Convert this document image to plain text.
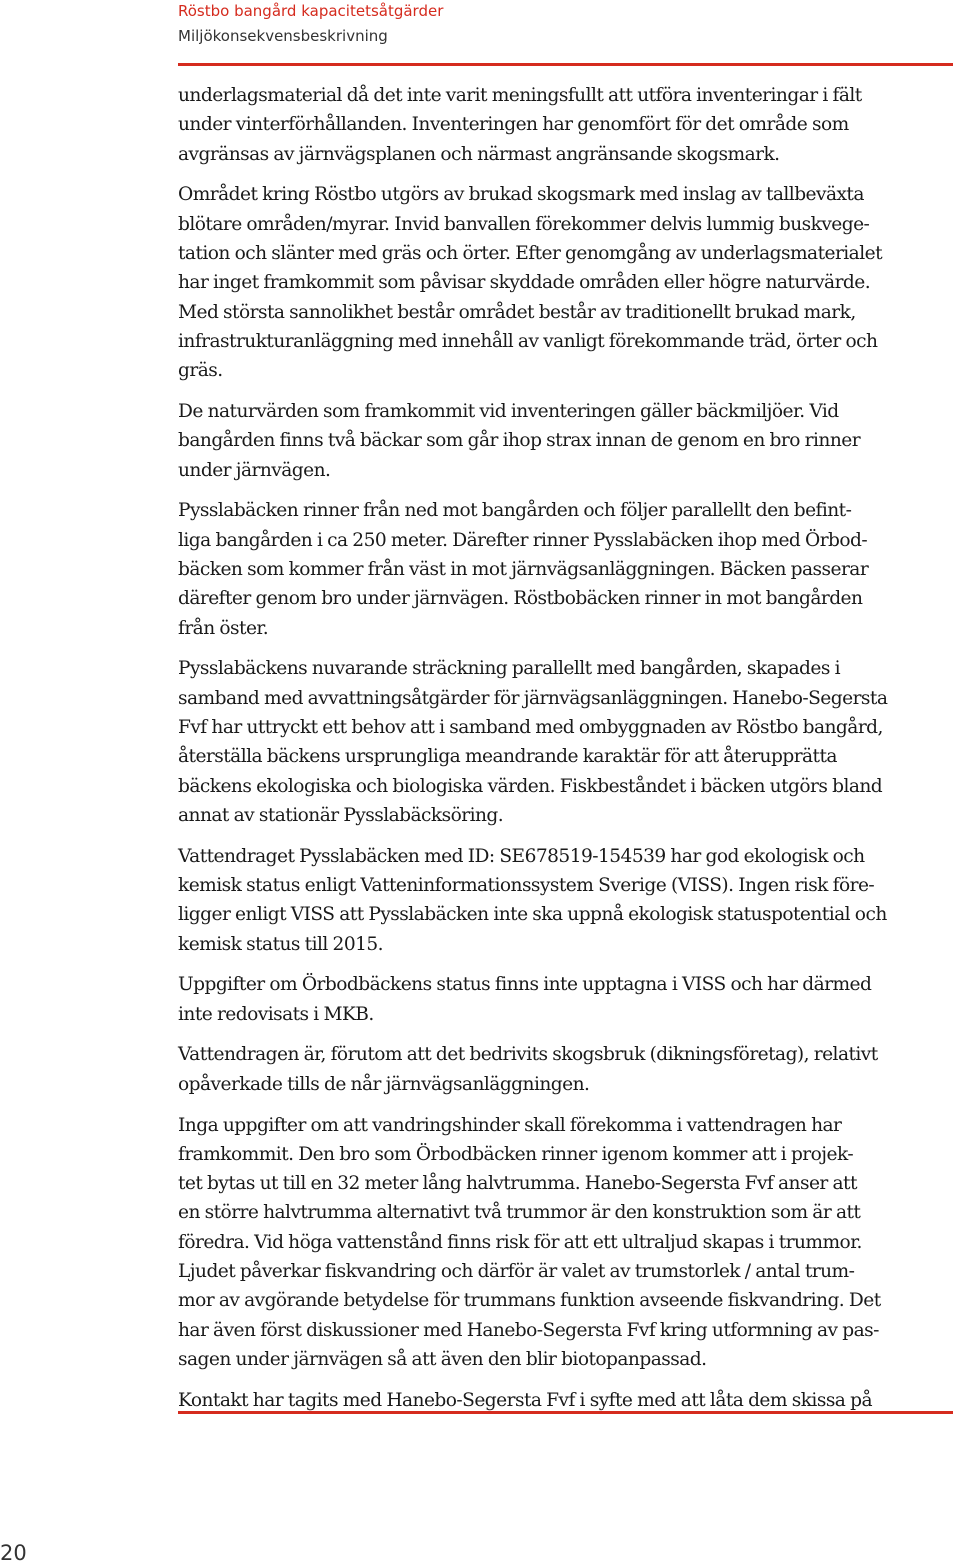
Röstbo bangård kapacitetsåtgärder
Miljökonsekvensbeskrivning

underlagsmaterial då det inte varit meningsfullt att utföra inventeringar i fält
under vinterförhållanden. Inventeringen har genomfört för det område som
avgränsas av järnvägsplanen och närmast angränsande skogsmark.

Området kring Röstbo utgörs av brukad skogsmark med inslag av tallbeväxta
blötare områden/myrar. Invid banvallen förekommer delvis lummig buskvege-
tation och slänter med gräs och örter. Efter genomgång av underlagsmaterialet
har inget framkommit som påvisar skyddade områden eller högre naturvärde.
Med största sannolikhet består området består av traditionellt brukad mark,
infrastrukturanläggning med innehåll av vanligt förekommande träd, örter och
gräs.

De naturvärden som framkommit vid inventeringen gäller bäckmiljöer. Vid
bangården finns två bäckar som går ihop strax innan de genom en bro rinner
under järnvägen.

Pysslabäcken rinner från ned mot bangården och följer parallellt den befint-
liga bangården i ca 250 meter. Därefter rinner Pysslabäcken ihop med Örbod-
bäcken som kommer från väst in mot järnvägsanläggningen. Bäcken passerar
därefter genom bro under järnvägen. Röstbobäcken rinner in mot bangården
från öster.

Pysslabäckens nuvarande sträckning parallellt med bangården, skapades i
samband med avvattningsåtgärder för järnvägsanläggningen. Hanebo-Segersta
Fvf har uttryckt ett behov att i samband med ombyggnaden av Röstbo bangård,
återställa bäckens ursprungliga meandrande karaktär för att återupprätta
bäckens ekologiska och biologiska värden. Fiskbeståndet i bäcken utgörs bland
annat av stationär Pysslabäcksöring.

Vattendraget Pysslabäcken med ID: SE678519-154539 har god ekologisk och
kemisk status enligt Vatteninformationssystem Sverige (VISS). Ingen risk före-
ligger enligt VISS att Pysslabäcken inte ska uppnå ekologisk statuspotential och
kemisk status till 2015.

Uppgifter om Örbodbäckens status finns inte upptagna i VISS och har därmed
inte redovisats i MKB.

Vattendragen är, förutom att det bedrivits skogsbruk (dikningsföretag), relativt
opåverkade tills de når järnvägsanläggningen.

Inga uppgifter om att vandringshinder skall förekomma i vattendragen har
framkommit. Den bro som Örbodbäcken rinner igenom kommer att i projek-
tet bytas ut till en 32 meter lång halvtrumma. Hanebo-Segersta Fvf anser att
en större halvtrumma alternativt två trummor är den konstruktion som är att
föredra. Vid höga vattenstånd finns risk för att ett ultraljud skapas i trummor.
Ljudet påverkar fiskvandring och därför är valet av trumstorlek / antal trum-
mor av avgörande betydelse för trummans funktion avseende fiskvandring. Det
har även först diskussioner med Hanebo-Segersta Fvf kring utformning av pas-
sagen under järnvägen så att även den blir biotopanpassad.

Kontakt har tagits med Hanebo-Segersta Fvf i syfte med att låta dem skissa på

20
